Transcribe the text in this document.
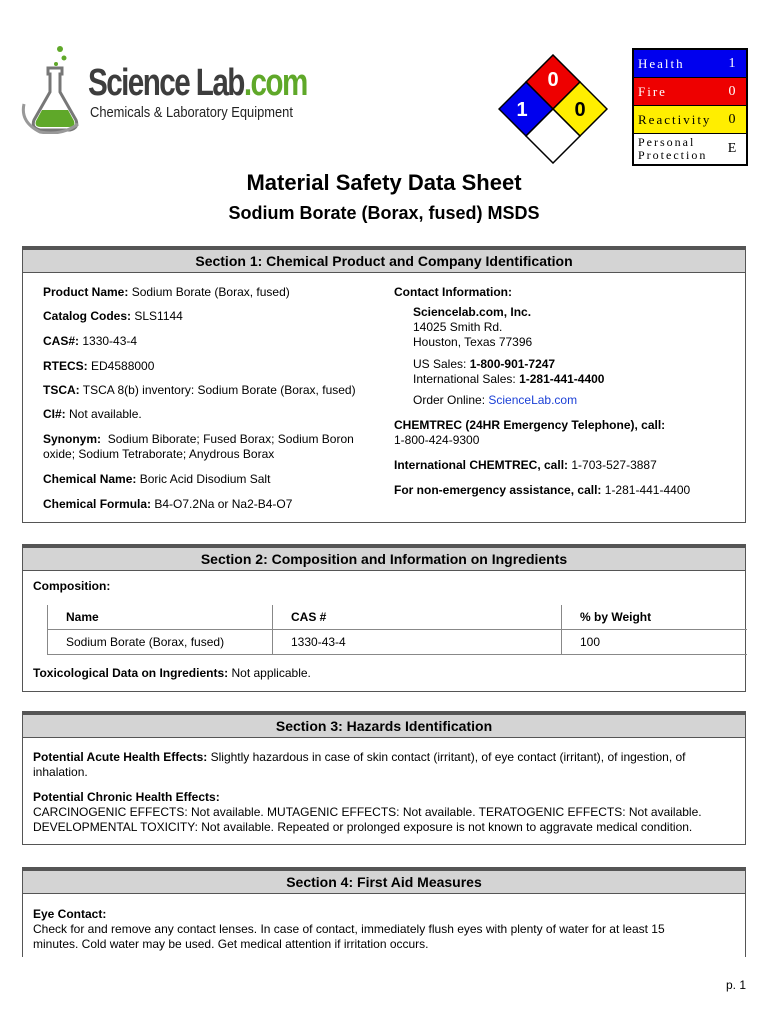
Science Lab.com
Chemicals & Laboratory Equipment
0
1 0
Health	1
Fire	0
Reactivity	0
Personal Protection	E
Material Safety Data Sheet
Sodium Borate (Borax, fused) MSDS
Section 1: Chemical Product and Company Identification
Product Name: Sodium Borate (Borax, fused)
Catalog Codes: SLS1144
CAS#: 1330-43-4
RTECS: ED4588000
TSCA: TSCA 8(b) inventory: Sodium Borate (Borax, fused)
CI#: Not available.
Synonym: Sodium Biborate; Fused Borax; Sodium Boron
oxide; Sodium Tetraborate; Anydrous Borax
Chemical Name: Boric Acid Disodium Salt
Chemical Formula: B4-O7.2Na or Na2-B4-O7
Contact Information:
Sciencelab.com, Inc.
14025 Smith Rd.
Houston, Texas 77396
US Sales: 1-800-901-7247
International Sales: 1-281-441-4400
Order Online: ScienceLab.com
CHEMTREC (24HR Emergency Telephone), call:
1-800-424-9300
International CHEMTREC, call: 1-703-527-3887
For non-emergency assistance, call: 1-281-441-4400
Section 2: Composition and Information on Ingredients
Composition:
Name	CAS #	% by Weight
Sodium Borate (Borax, fused)	1330-43-4	100
Toxicological Data on Ingredients: Not applicable.
Section 3: Hazards Identification
Potential Acute Health Effects: Slightly hazardous in case of skin contact (irritant), of eye contact (irritant), of ingestion, of
inhalation.
Potential Chronic Health Effects:
CARCINOGENIC EFFECTS: Not available. MUTAGENIC EFFECTS: Not available. TERATOGENIC EFFECTS: Not available.
DEVELOPMENTAL TOXICITY: Not available. Repeated or prolonged exposure is not known to aggravate medical condition.
Section 4: First Aid Measures
Eye Contact:
Check for and remove any contact lenses. In case of contact, immediately flush eyes with plenty of water for at least 15
minutes. Cold water may be used. Get medical attention if irritation occurs.
p. 1
